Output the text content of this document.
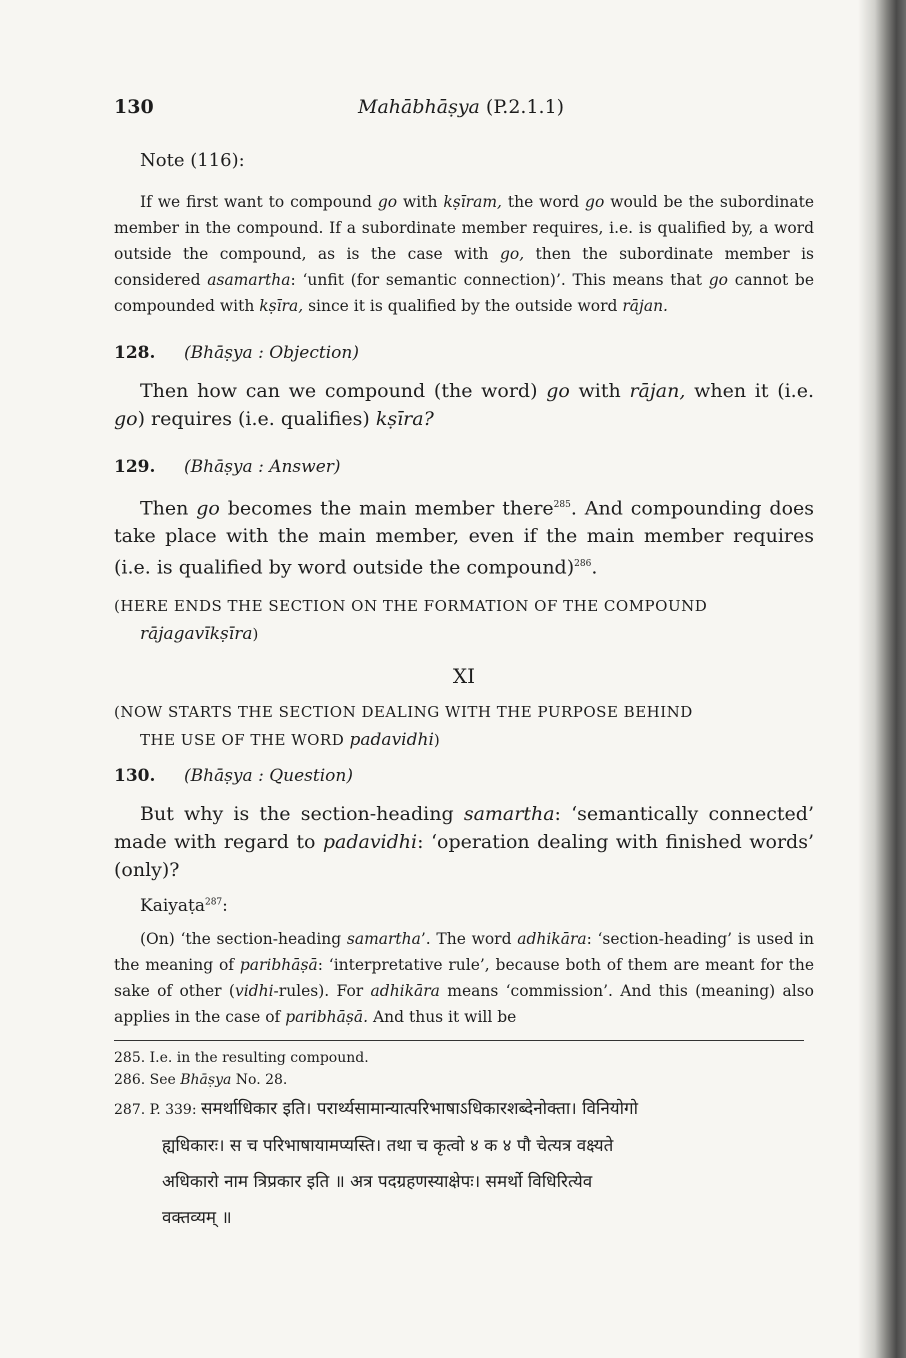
130	Mahābhāṣya (P.2.1.1)
Note (116):

If we first want to compound go with kṣīram, the word go would be the subordinate member in the compound. If a subordinate member requires, i.e. is qualified by, a word outside the compound, as is the case with go, then the subordinate member is considered asamartha: ‘unfit (for semantic connection)’. This means that go cannot be compounded with kṣīra, since it is qualified by the outside word rājan.

128. (Bhāṣya : Objection)

Then how can we compound (the word) go with rājan, when it (i.e. go) requires (i.e. qualifies) kṣīra?

129. (Bhāṣya : Answer)

Then go becomes the main member there$^{285}$. And compounding does take place with the main member, even if the main member requires (i.e. is qualified by word outside the compound)$^{286}$.

(HERE ENDS THE SECTION ON THE FORMATION OF THE COMPOUND
rājagavīkṣīra)

XI

(NOW STARTS THE SECTION DEALING WITH THE PURPOSE BEHIND
THE USE OF THE WORD padavidhi)

130. (Bhāṣya : Question)

But why is the section-heading samartha: ‘semantically connected’ made with regard to padavidhi: ‘operation dealing with finished words’ (only)?

Kaiyaṭa$^{287}$:

(On) ‘the section-heading samartha’. The word adhikāra: ‘section-heading’ is used in the meaning of paribhāṣā: ‘interpretative rule’, because both of them are meant for the sake of other (vidhi-rules). For adhikāra means ‘commission’. And this (meaning) also applies in the case of paribhāṣā. And thus it will be

285. I.e. in the resulting compound.
286. See Bhāṣya No. 28.
287. P. 339: समर्थाधिकार इति। परार्थ्यसामान्यात्परिभाषाऽधिकारशब्देनोक्ता। विनियोगो
ह्यधिकारः। स च परिभाषायामप्यस्ति। तथा च कृत्वो ४ क ४ पौ चेत्यत्र वक्ष्यते
अधिकारो नाम त्रिप्रकार इति ॥ अत्र पदग्रहणस्याक्षेपः। समर्थो विधिरित्येव
वक्तव्यम् ॥
